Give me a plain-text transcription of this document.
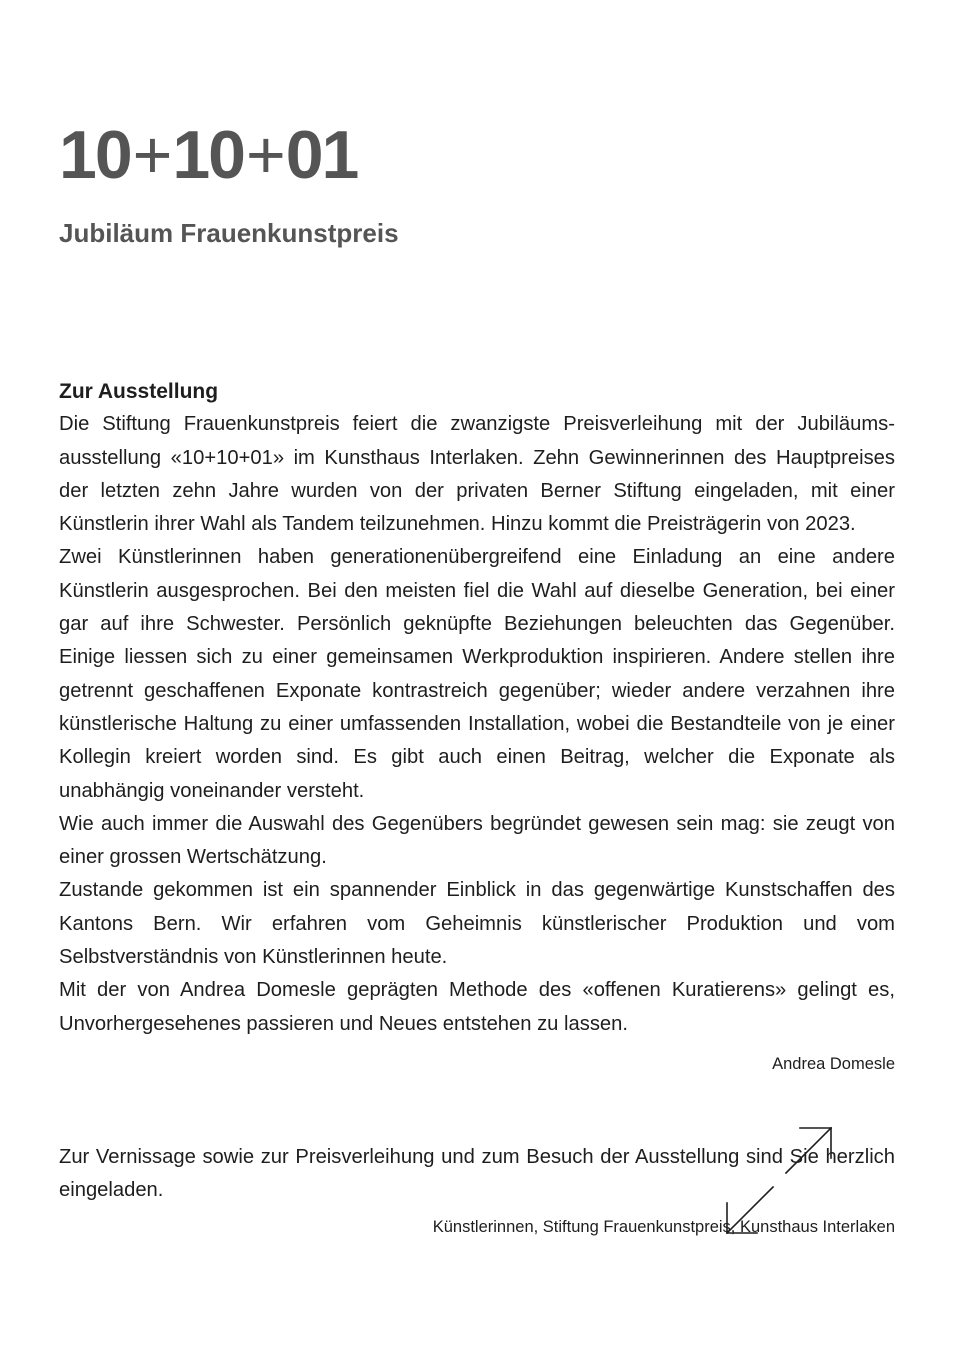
10+10+01
Jubiläum Frauenkunstpreis
Zur Ausstellung

Die Stiftung Frauenkunstpreis feiert die zwanzigste Preisverleihung mit der Jubiläumsausstellung «10+10+01» im Kunsthaus Interlaken. Zehn Gewinnerinnen des Hauptpreises der letzten zehn Jahre wurden von der privaten Berner Stiftung eingeladen, mit einer Künstlerin ihrer Wahl als Tandem teilzunehmen. Hinzu kommt die Preisträgerin von 2023.

Zwei Künstlerinnen haben generationenübergreifend eine Einladung an eine andere Künstlerin ausgesprochen. Bei den meisten fiel die Wahl auf dieselbe Generation, bei einer gar auf ihre Schwester. Persönlich geknüpfte Beziehungen beleuchten das Gegenüber. Einige liessen sich zu einer gemeinsamen Werkproduktion inspirieren. Andere stellen ihre getrennt geschaffenen Exponate kontrastreich gegenüber; wieder andere verzahnen ihre künstlerische Haltung zu einer umfassenden Installation, wobei die Bestandteile von je einer Kollegin kreiert worden sind. Es gibt auch einen Beitrag, welcher die Exponate als unabhängig voneinander versteht.

Wie auch immer die Auswahl des Gegenübers begründet gewesen sein mag: sie zeugt von einer grossen Wertschätzung.

Zustande gekommen ist ein spannender Einblick in das gegenwärtige Kunstschaffen des Kantons Bern. Wir erfahren vom Geheimnis künstlerischer Produktion und vom Selbstverständnis von Künstlerinnen heute.

Mit der von Andrea Domesle geprägten Methode des «offenen Kuratierens» gelingt es, Unvorhergesehenes passieren und Neues entstehen zu lassen.

Andrea Domesle

Zur Vernissage sowie zur Preisverleihung und zum Besuch der Ausstellung sind Sie herzlich eingeladen.

Künstlerinnen, Stiftung Frauenkunstpreis, Kunsthaus Interlaken
